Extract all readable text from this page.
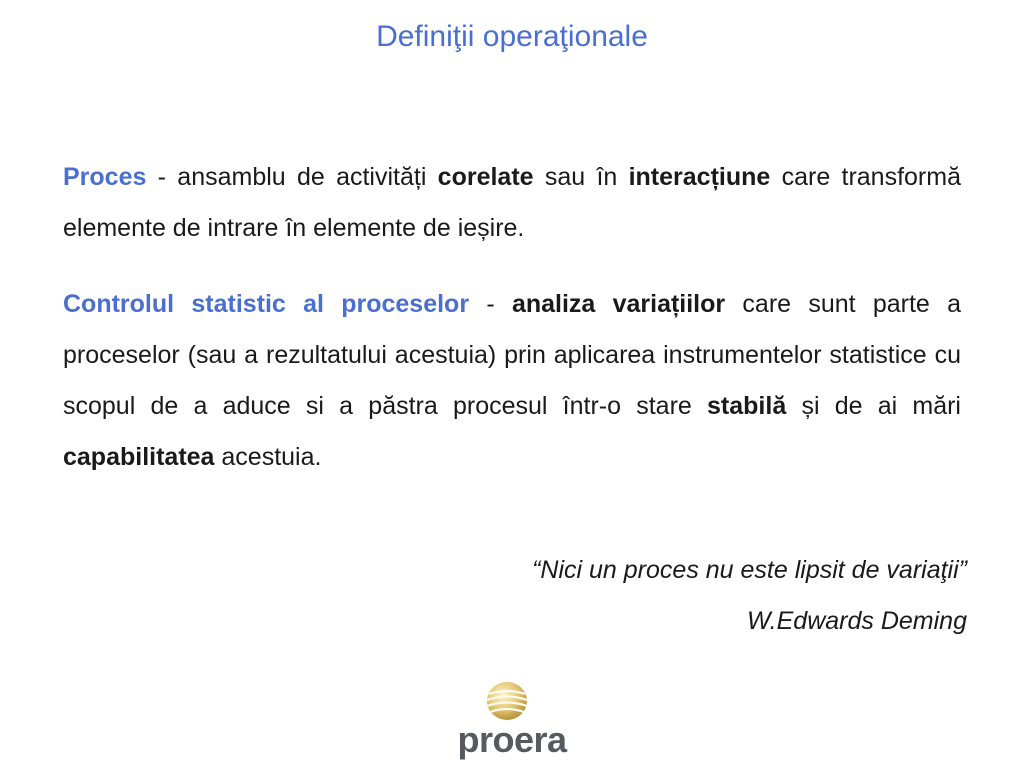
Definiţii operaţionale

Proces - ansamblu de activități corelate sau în interacțiune care transformă elemente de intrare în elemente de ieșire.

Controlul statistic al proceselor - analiza variațiilor care sunt parte a proceselor (sau a rezultatului acestuia) prin aplicarea instrumentelor statistice cu scopul de a aduce si a păstra procesul într-o stare stabilă și de ai mări capabilitatea acestuia.

“Nici un proces nu este lipsit de variaţii”
W.Edwards Deming
proera
